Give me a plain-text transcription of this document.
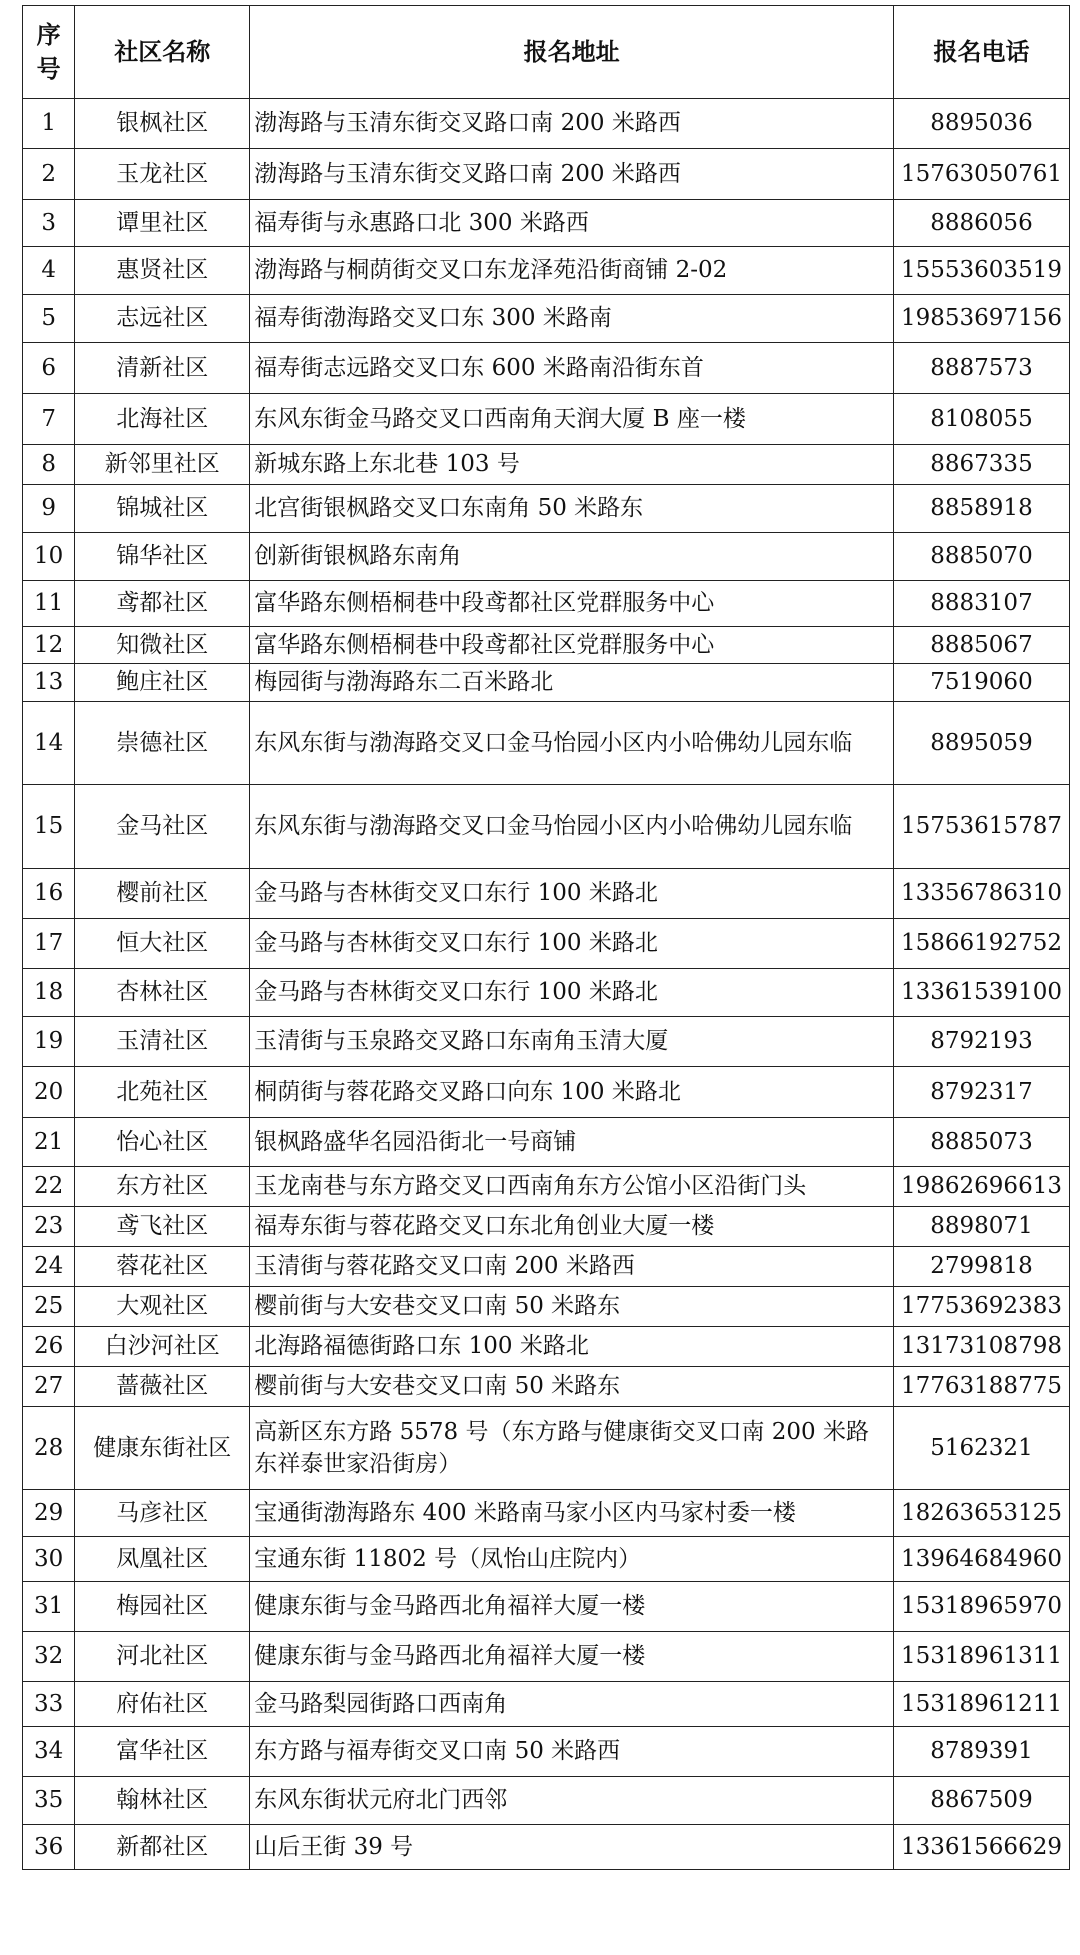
序号	社区名称	报名地址	报名电话
1	银枫社区	渤海路与玉清东街交叉路口南 200 米路西	8895036
2	玉龙社区	渤海路与玉清东街交叉路口南 200 米路西	15763050761
3	谭里社区	福寿街与永惠路口北 300 米路西	8886056
4	惠贤社区	渤海路与桐荫街交叉口东龙泽苑沿街商铺 2-02	15553603519
5	志远社区	福寿街渤海路交叉口东 300 米路南	19853697156
6	清新社区	福寿街志远路交叉口东 600 米路南沿街东首	8887573
7	北海社区	东风东街金马路交叉口西南角天润大厦 B 座一楼	8108055
8	新邻里社区	新城东路上东北巷 103 号	8867335
9	锦城社区	北宫街银枫路交叉口东南角 50 米路东	8858918
10	锦华社区	创新街银枫路东南角	8885070
11	鸢都社区	富华路东侧梧桐巷中段鸢都社区党群服务中心	8883107
12	知微社区	富华路东侧梧桐巷中段鸢都社区党群服务中心	8885067
13	鲍庄社区	梅园街与渤海路东二百米路北	7519060
14	崇德社区	东风东街与渤海路交叉口金马怡园小区内小哈佛幼儿园东临	8895059
15	金马社区	东风东街与渤海路交叉口金马怡园小区内小哈佛幼儿园东临	15753615787
16	樱前社区	金马路与杏林街交叉口东行 100 米路北	13356786310
17	恒大社区	金马路与杏林街交叉口东行 100 米路北	15866192752
18	杏林社区	金马路与杏林街交叉口东行 100 米路北	13361539100
19	玉清社区	玉清街与玉泉路交叉路口东南角玉清大厦	8792193
20	北苑社区	桐荫街与蓉花路交叉路口向东 100 米路北	8792317
21	怡心社区	银枫路盛华名园沿街北一号商铺	8885073
22	东方社区	玉龙南巷与东方路交叉口西南角东方公馆小区沿街门头	19862696613
23	鸢飞社区	福寿东街与蓉花路交叉口东北角创业大厦一楼	8898071
24	蓉花社区	玉清街与蓉花路交叉口南 200 米路西	2799818
25	大观社区	樱前街与大安巷交叉口南 50 米路东	17753692383
26	白沙河社区	北海路福德街路口东 100 米路北	13173108798
27	蔷薇社区	樱前街与大安巷交叉口南 50 米路东	17763188775
28	健康东街社区	高新区东方路 5578 号（东方路与健康街交叉口南 200 米路东祥泰世家沿街房）	5162321
29	马彦社区	宝通街渤海路东 400 米路南马家小区内马家村委一楼	18263653125
30	凤凰社区	宝通东街 11802 号（凤怡山庄院内）	13964684960
31	梅园社区	健康东街与金马路西北角福祥大厦一楼	15318965970
32	河北社区	健康东街与金马路西北角福祥大厦一楼	15318961311
33	府佑社区	金马路梨园街路口西南角	15318961211
34	富华社区	东方路与福寿街交叉口南 50 米路西	8789391
35	翰林社区	东风东街状元府北门西邻	8867509
36	新都社区	山后王街 39 号	13361566629
